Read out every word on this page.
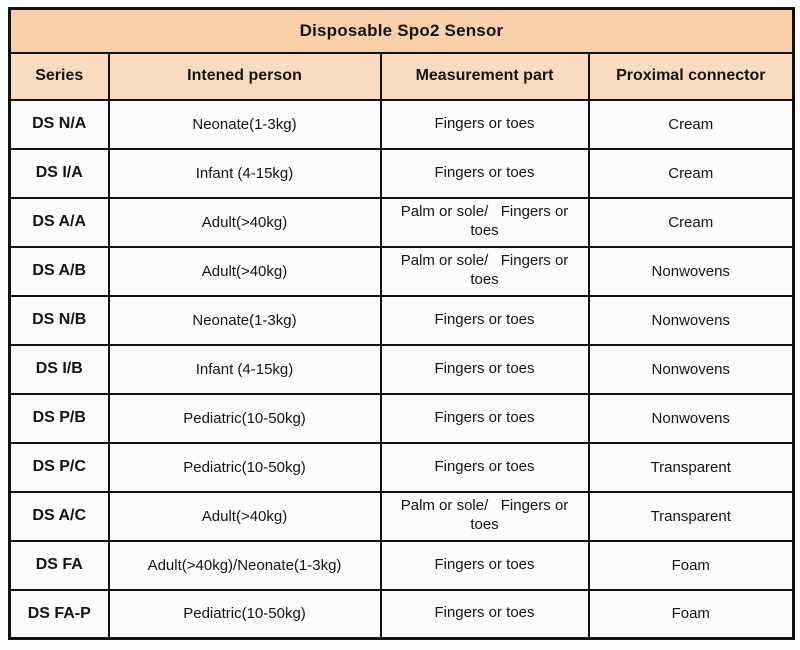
Disposable Spo2 Sensor			
Series	Intened person	Measurement part	Proximal connector
DS N/A	Neonate(1-3kg)	Fingers or toes	Cream
DS I/A	Infant (4-15kg)	Fingers or toes	Cream
DS A/A	Adult(>40kg)	Palm or sole/   Fingers or toes	Cream
DS A/B	Adult(>40kg)	Palm or sole/   Fingers or toes	Nonwovens
DS N/B	Neonate(1-3kg)	Fingers or toes	Nonwovens
DS I/B	Infant (4-15kg)	Fingers or toes	Nonwovens
DS P/B	Pediatric(10-50kg)	Fingers or toes	Nonwovens
DS P/C	Pediatric(10-50kg)	Fingers or toes	Transparent
DS A/C	Adult(>40kg)	Palm or sole/   Fingers or toes	Transparent
DS FA	Adult(>40kg)/Neonate(1-3kg)	Fingers or toes	Foam
DS FA-P	Pediatric(10-50kg)	Fingers or toes	Foam
